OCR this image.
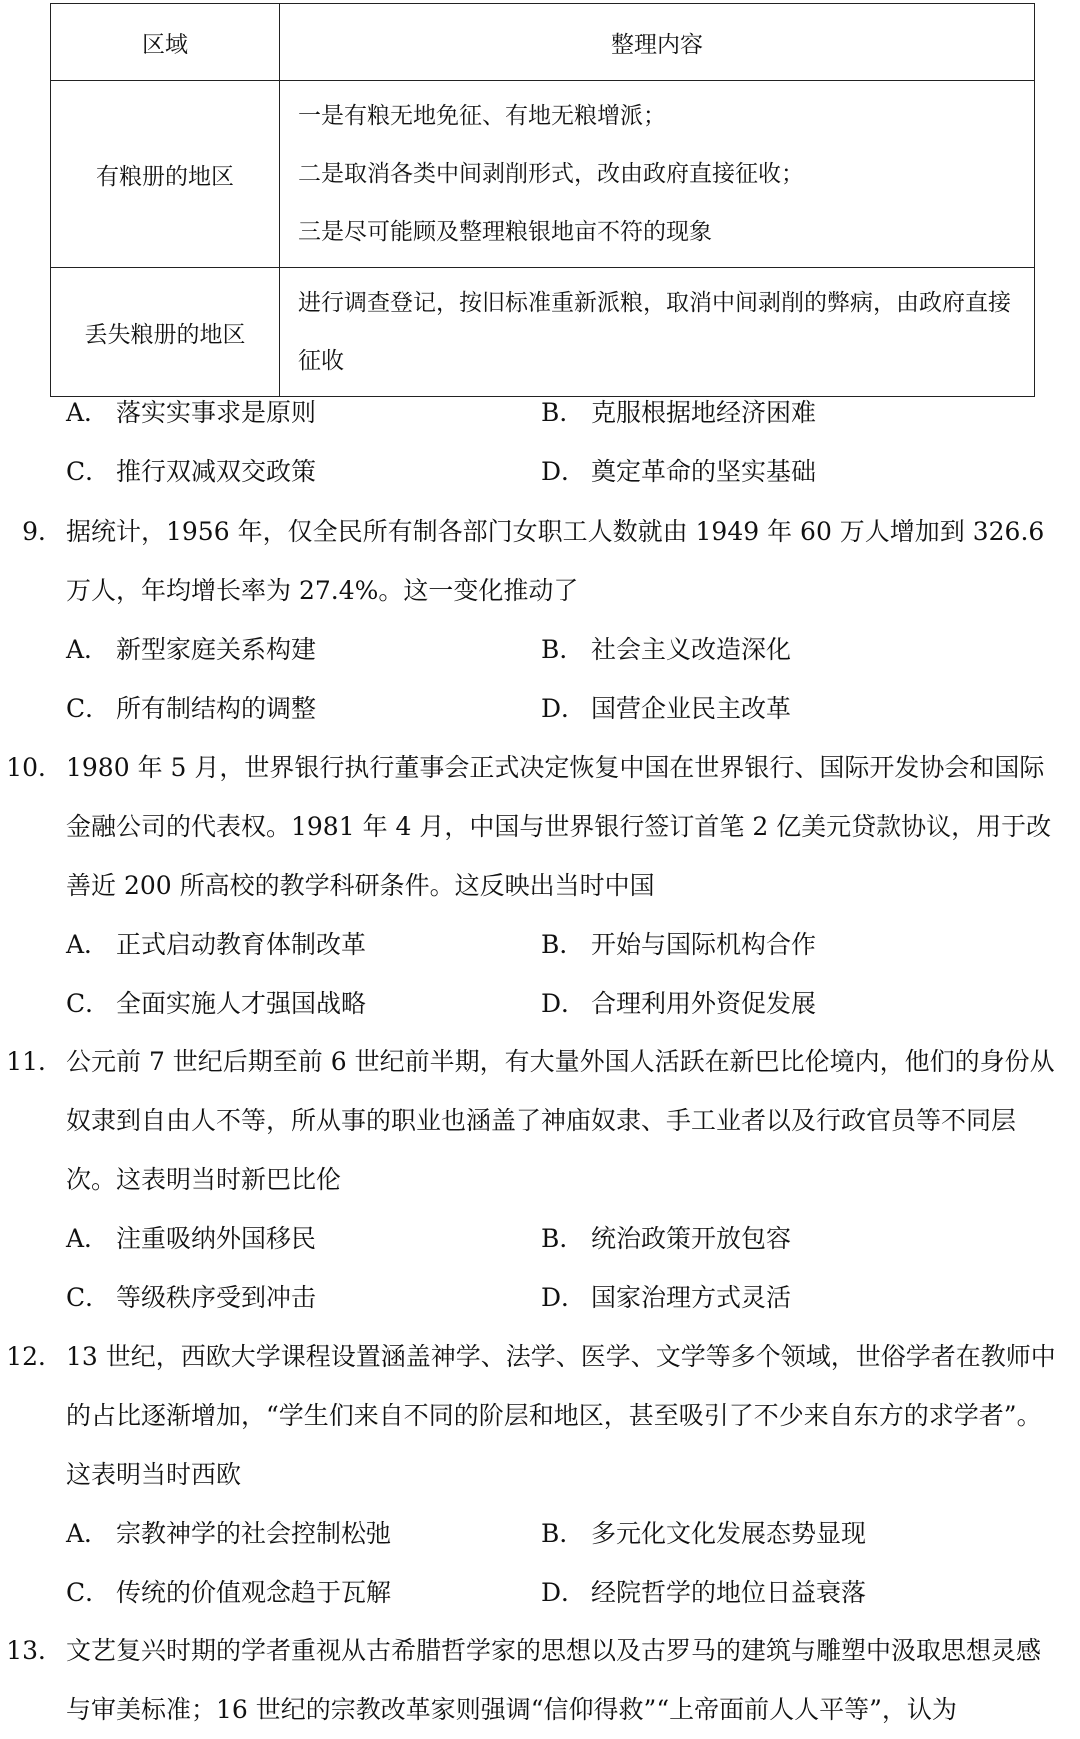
区域	整理内容
有粮册的地区	一是有粮无地免征、有地无粮增派；
二是取消各类中间剥削形式，改由政府直接征收；
三是尽可能顾及整理粮银地亩不符的现象

丢失粮册的地区	进行调查登记，按旧标准重新派粮，取消中间剥削的弊病，由政府直接征收
A． 落实实事求是原则	B． 克服根据地经济困难
C． 推行双减双交政策	D． 奠定革命的坚实基础
9． 据统计，1956 年，仅全民所有制各部门女职工人数就由 1949 年 60 万人增加到 326.6 万人，年均增长率为 27.4%。这一变化推动了
A． 新型家庭关系构建	B． 社会主义改造深化
C． 所有制结构的调整	D． 国营企业民主改革
10． 1980 年 5 月，世界银行执行董事会正式决定恢复中国在世界银行、国际开发协会和国际金融公司的代表权。1981 年 4 月，中国与世界银行签订首笔 2 亿美元贷款协议，用于改善近 200 所高校的教学科研条件。这反映出当时中国
A． 正式启动教育体制改革	B． 开始与国际机构合作
C． 全面实施人才强国战略	D． 合理利用外资促发展
11． 公元前 7 世纪后期至前 6 世纪前半期，有大量外国人活跃在新巴比伦境内，他们的身份从奴隶到自由人不等，所从事的职业也涵盖了神庙奴隶、手工业者以及行政官员等不同层次。这表明当时新巴比伦
A． 注重吸纳外国移民	B． 统治政策开放包容
C． 等级秩序受到冲击	D． 国家治理方式灵活
12． 13 世纪，西欧大学课程设置涵盖神学、法学、医学、文学等多个领域，世俗学者在教师中的占比逐渐增加，“学生们来自不同的阶层和地区，甚至吸引了不少来自东方的求学者”。这表明当时西欧
A． 宗教神学的社会控制松弛	B． 多元化文化发展态势显现
C． 传统的价值观念趋于瓦解	D． 经院哲学的地位日益衰落
13． 文艺复兴时期的学者重视从古希腊哲学家的思想以及古罗马的建筑与雕塑中汲取思想灵感与审美标准；16 世纪的宗教改革家则强调“信仰得救”“上帝面前人人平等”，认为
